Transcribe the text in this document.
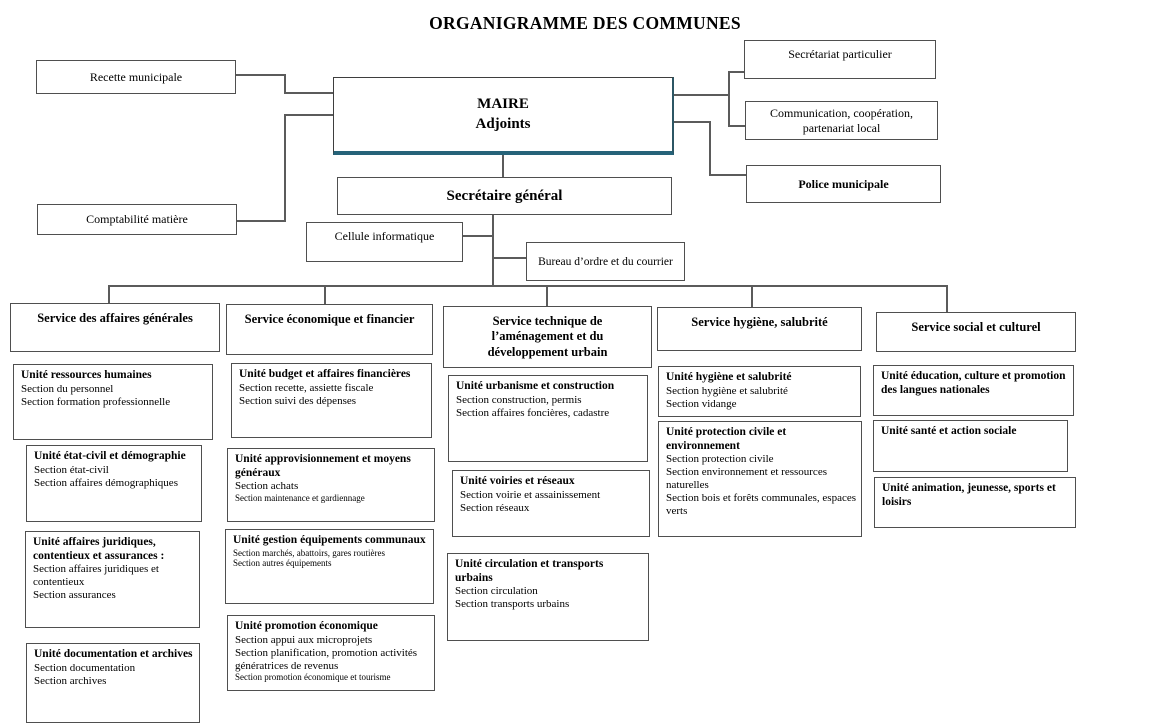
ORGANIGRAMME DES COMMUNES
Recette municipale
Comptabilité matière
MAIRE
Adjoints
Secrétariat particulier
Communication, coopération, partenariat local
Police municipale
Secrétaire général
Cellule informatique
Bureau d’ordre et du courrier
Service des affaires générales	Service économique et financier	Service technique de l’aménagement et du développement urbain
Service hygiène, salubrité	Service social et culturel
Unité ressources humaines
Section du personnel
Section formation professionnelle
Unité état-civil et démographie
Section état-civil
Section affaires démographiques
Unité affaires juridiques, contentieux et assurances :
Section affaires juridiques et contentieux
Section assurances
Unité documentation et archives
Section documentation
Section archives
Unité budget et affaires financières
Section recette, assiette fiscale
Section suivi des dépenses
Unité approvisionnement et moyens généraux
Section achats
Section maintenance et gardiennage
Unité gestion équipements communaux
Section marchés, abattoirs, gares routières
Section autres équipements
Unité promotion économique
Section appui aux microprojets
Section planification, promotion activités génératrices de revenus
Section promotion économique et tourisme
Unité urbanisme et construction
Section construction, permis
Section affaires foncières, cadastre
Unité voiries et réseaux
Section voirie et assainissement
Section réseaux
Unité circulation et transports urbains
Section circulation
Section transports urbains
Unité hygiène et salubrité
Section hygiène et salubrité
Section vidange
Unité protection civile et environnement
Section protection civile
Section environnement et ressources naturelles
Section bois et forêts communales, espaces verts
Unité éducation, culture et promotion des langues nationales
Unité santé et action sociale
Unité animation, jeunesse, sports et loisirs
